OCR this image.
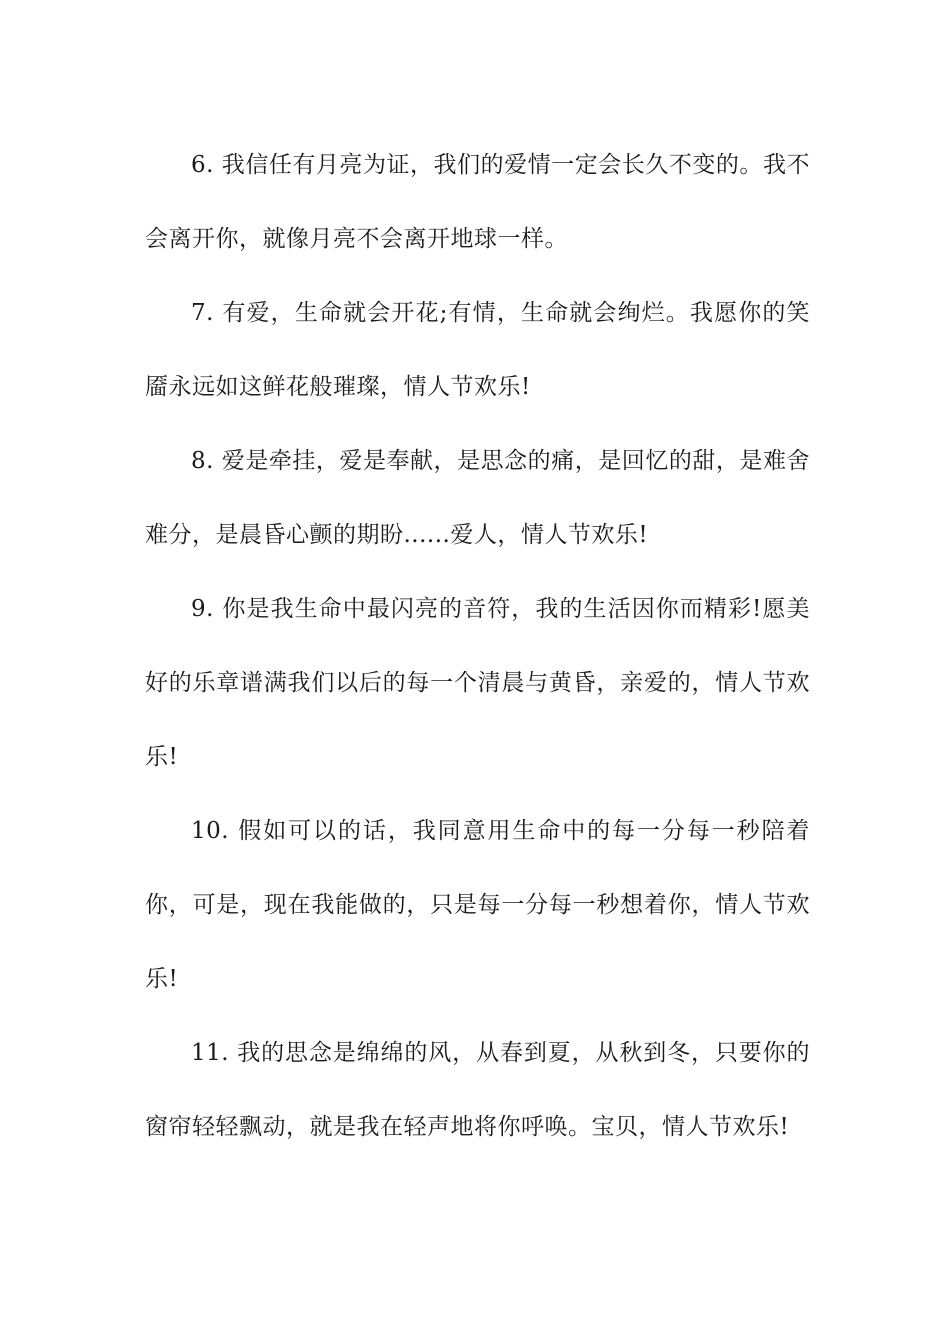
6. 我信任有月亮为证，我们的爱情一定会长久不变的。我不会离开你，就像月亮不会离开地球一样。

7. 有爱，生命就会开花;有情，生命就会绚烂。我愿你的笑靥永远如这鲜花般璀璨，情人节欢乐!

8. 爱是牵挂，爱是奉献，是思念的痛，是回忆的甜，是难舍难分，是晨昏心颤的期盼......爱人，情人节欢乐!

9. 你是我生命中最闪亮的音符，我的生活因你而精彩!愿美好的乐章谱满我们以后的每一个清晨与黄昏，亲爱的，情人节欢乐!

10. 假如可以的话，我同意用生命中的每一分每一秒陪着你，可是，现在我能做的，只是每一分每一秒想着你，情人节欢乐!

11. 我的思念是绵绵的风，从春到夏，从秋到冬，只要你的窗帘轻轻飘动，就是我在轻声地将你呼唤。宝贝，情人节欢乐!
